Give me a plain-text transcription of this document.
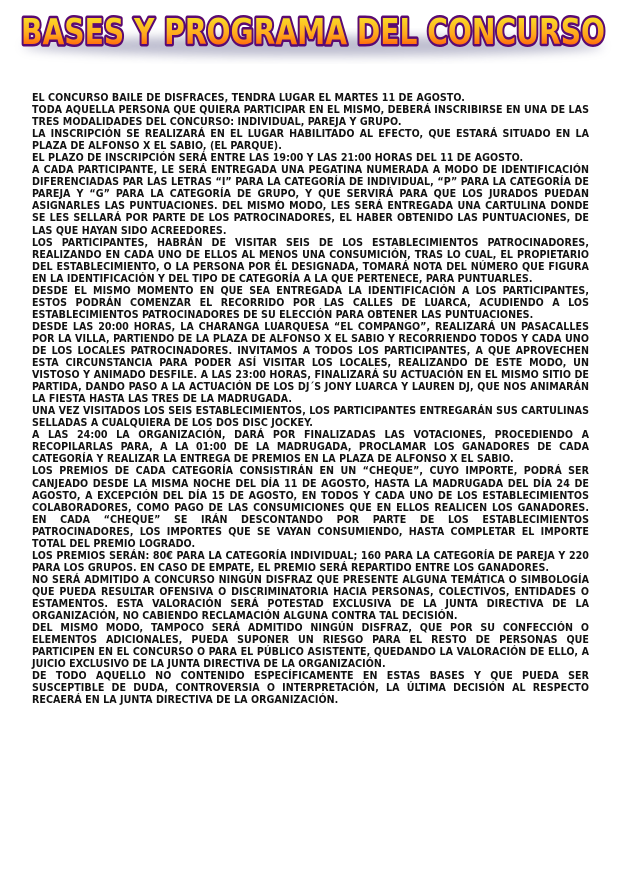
BASES Y PROGRAMA DEL CONCURSO
BASES Y PROGRAMA DEL CONCURSO

EL CONCURSO BAILE DE DISFRACES, TENDRÁ LUGAR EL MARTES 11 DE AGOSTO.

TODA AQUELLA PERSONA QUE QUIERA PARTICIPAR EN EL MISMO, DEBERÁ INSCRIBIRSE EN UNA DE LAS TRES MODALIDADES DEL CONCURSO: INDIVIDUAL, PAREJA Y GRUPO.

LA INSCRIPCIÓN SE REALIZARÁ EN EL LUGAR HABILITADO AL EFECTO, QUE ESTARÁ SITUADO EN LA PLAZA DE ALFONSO X EL SABIO, (EL PARQUE).

EL PLAZO DE INSCRIPCIÓN SERÁ ENTRE LAS 19:00 Y LAS 21:00 HORAS DEL 11 DE AGOSTO.

A CADA PARTICIPANTE, LE SERÁ ENTREGADA UNA PEGATINA NUMERADA A MODO DE IDENTIFICACIÓN DIFERENCIADAS PAR LAS LETRAS “I” PARA LA CATEGORÍA DE INDIVIDUAL, “P” PARA LA CATEGORÍA DE PAREJA Y “G” PARA LA CATEGORÍA DE GRUPO, Y QUE SERVIRÁ PARA QUE LOS JURADOS PUEDAN ASIGNARLES LAS PUNTUACIONES. DEL MISMO MODO, LES SERÁ ENTREGADA UNA CARTULINA DONDE SE LES SELLARÁ POR PARTE DE LOS PATROCINADORES, EL HABER OBTENIDO LAS PUNTUACIONES, DE LAS QUE HAYAN SIDO ACREEDORES.

LOS PARTICIPANTES, HABRÁN DE VISITAR SEIS DE LOS ESTABLECIMIENTOS PATROCINADORES, REALIZANDO EN CADA UNO DE ELLOS AL MENOS UNA CONSUMICIÓN, TRAS LO CUAL, EL PROPIETARIO DEL ESTABLECIMIENTO, O LA PERSONA POR ÉL DESIGNADA, TOMARÁ NOTA DEL NÚMERO QUE FIGURA EN LA IDENTIFICACIÓN Y DEL TIPO DE CATEGORÍA A LA QUE PERTENECE, PARA PUNTUARLES.

DESDE EL MISMO MOMENTO EN QUE SEA ENTREGADA LA IDENTIFICACIÓN A LOS PARTICIPANTES, ESTOS PODRÁN COMENZAR EL RECORRIDO POR LAS CALLES DE LUARCA, ACUDIENDO A LOS ESTABLECIMIENTOS PATROCINADORES DE SU ELECCIÓN PARA OBTENER LAS PUNTUACIONES.

DESDE LAS 20:00 HORAS, LA CHARANGA LUARQUESA “EL COMPANGO”, REALIZARÁ UN PASACALLES POR LA VILLA, PARTIENDO DE LA PLAZA DE ALFONSO X EL SABIO Y RECORRIENDO TODOS Y CADA UNO DE LOS LOCALES PATROCINADORES. INVITAMOS A TODOS LOS PARTICIPANTES, A QUE APROVECHEN ESTA CIRCUNSTANCIA PARA PODER ASÍ VISITAR LOS LOCALES, REALIZANDO DE ESTE MODO, UN VISTOSO Y ANIMADO DESFILE. A LAS 23:00 HORAS, FINALIZARÁ SU ACTUACIÓN EN EL MISMO SITIO DE PARTIDA, DANDO PASO A LA ACTUACIÓN DE LOS DJ´S JONY LUARCA Y LAUREN DJ, QUE NOS ANIMARÁN LA FIESTA HASTA LAS TRES DE LA MADRUGADA.

UNA VEZ VISITADOS LOS SEIS ESTABLECIMIENTOS, LOS PARTICIPANTES ENTREGARÁN SUS CARTULINAS SELLADAS A CUALQUIERA DE LOS DOS DISC JOCKEY.

A LAS 24:00 LA ORGANIZACIÓN, DARÁ POR FINALIZADAS LAS VOTACIONES, PROCEDIENDO A RECOPILARLAS PARA, A LA 01:00 DE LA MADRUGADA, PROCLAMAR LOS GANADORES DE CADA CATEGORÍA Y REALIZAR LA ENTREGA DE PREMIOS EN LA PLAZA DE ALFONSO X EL SABIO.

LOS PREMIOS DE CADA CATEGORÍA CONSISTIRÁN EN UN “CHEQUE”, CUYO IMPORTE, PODRÁ SER CANJEADO DESDE LA MISMA NOCHE DEL DÍA 11 DE AGOSTO, HASTA LA MADRUGADA DEL DÍA 24 DE AGOSTO, A EXCEPCIÓN DEL DÍA 15 DE AGOSTO, EN TODOS Y CADA UNO DE LOS ESTABLECIMIENTOS COLABORADORES, COMO PAGO DE LAS CONSUMICIONES QUE EN ELLOS REALICEN LOS GANADORES. EN CADA “CHEQUE” SE IRÁN DESCONTANDO POR PARTE DE LOS ESTABLECIMIENTOS PATROCINADORES, LOS IMPORTES QUE SE VAYAN CONSUMIENDO, HASTA COMPLETAR EL IMPORTE TOTAL DEL PREMIO LOGRADO.

LOS PREMIOS SERÁN: 80€ PARA LA CATEGORÍA INDIVIDUAL; 160 PARA LA CATEGORÍA DE PAREJA Y 220 PARA LOS GRUPOS. EN CASO DE EMPATE, EL PREMIO SERÁ REPARTIDO ENTRE LOS GANADORES.

NO SERÁ ADMITIDO A CONCURSO NINGÚN DISFRAZ QUE PRESENTE ALGUNA TEMÁTICA O SIMBOLOGÍA QUE PUEDA RESULTAR OFENSIVA O DISCRIMINATORIA HACIA PERSONAS, COLECTIVOS, ENTIDADES O ESTAMENTOS. ESTA VALORACIÓN SERÁ POTESTAD EXCLUSIVA DE LA JUNTA DIRECTIVA DE LA ORGANIZACIÓN, NO CABIENDO RECLAMACIÓN ALGUNA CONTRA TAL DECISIÓN.

DEL MISMO MODO, TAMPOCO SERÁ ADMITIDO NINGÚN DISFRAZ, QUE POR SU CONFECCIÓN O ELEMENTOS ADICIONALES, PUEDA SUPONER UN RIESGO PARA EL RESTO DE PERSONAS QUE PARTICIPEN EN EL CONCURSO O PARA EL PÚBLICO ASISTENTE, QUEDANDO LA VALORACIÓN DE ELLO, A JUICIO EXCLUSIVO DE LA JUNTA DIRECTIVA DE LA ORGANIZACIÓN.

DE TODO AQUELLO NO CONTENIDO ESPECÍFICAMENTE EN ESTAS BASES Y QUE PUEDA SER SUSCEPTIBLE DE DUDA, CONTROVERSIA O INTERPRETACIÓN, LA ÚLTIMA DECISIÓN AL RESPECTO RECAERÁ EN LA JUNTA DIRECTIVA DE LA ORGANIZACIÓN.
